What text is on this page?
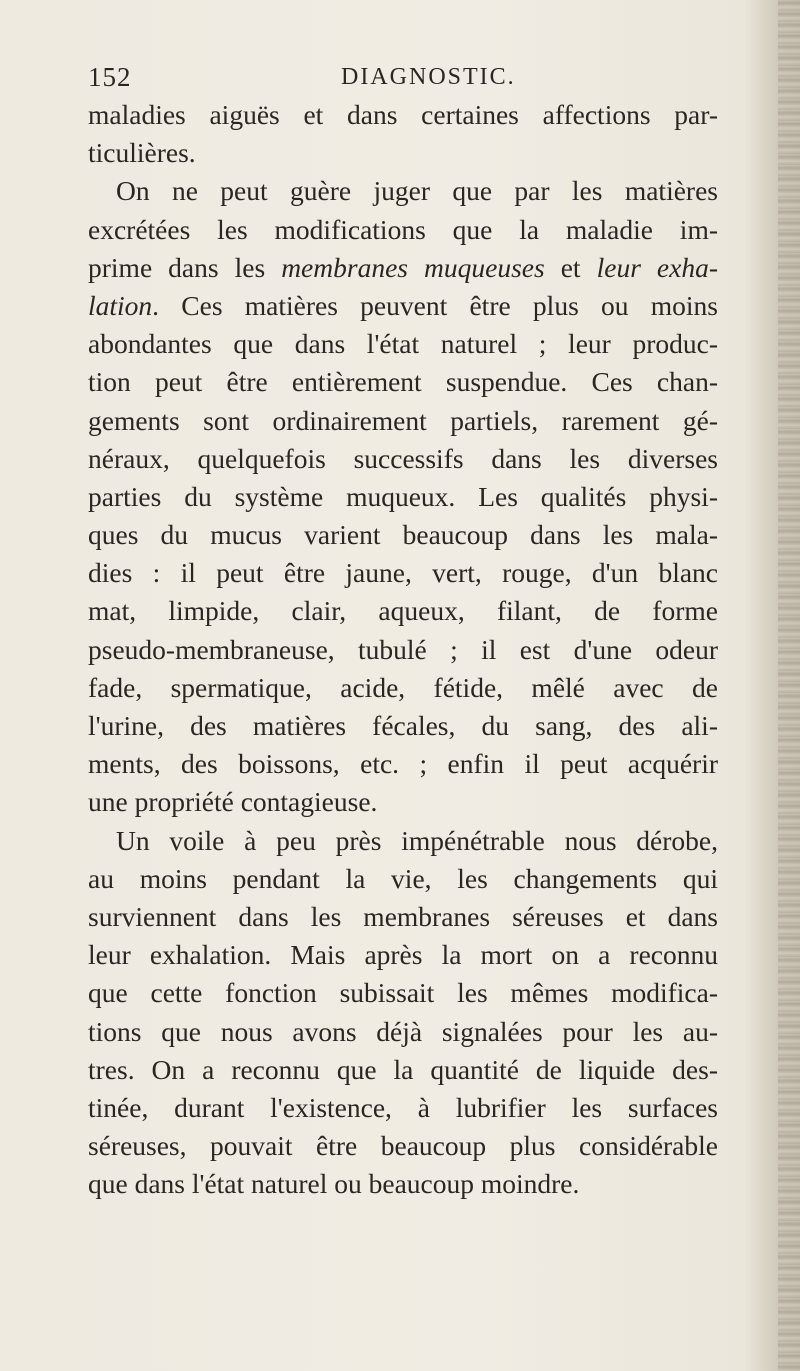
152	DIAGNOSTIC.
maladies aiguës et dans certaines affections par-
ticulières.
On ne peut guère juger que par les matières
excrétées les modifications que la maladie im-
prime dans les membranes muqueuses et leur exha-
lation. Ces matières peuvent être plus ou moins
abondantes que dans l'état naturel ; leur produc-
tion peut être entièrement suspendue. Ces chan-
gements sont ordinairement partiels, rarement gé-
néraux, quelquefois successifs dans les diverses
parties du système muqueux. Les qualités physi-
ques du mucus varient beaucoup dans les mala-
dies : il peut être jaune, vert, rouge, d'un blanc
mat, limpide, clair, aqueux, filant, de forme
pseudo-membraneuse, tubulé ; il est d'une odeur
fade, spermatique, acide, fétide, mêlé avec de
l'urine, des matières fécales, du sang, des ali-
ments, des boissons, etc. ; enfin il peut acquérir
une propriété contagieuse.
Un voile à peu près impénétrable nous dérobe,
au moins pendant la vie, les changements qui
surviennent dans les membranes séreuses et dans
leur exhalation. Mais après la mort on a reconnu
que cette fonction subissait les mêmes modifica-
tions que nous avons déjà signalées pour les au-
tres. On a reconnu que la quantité de liquide des-
tinée, durant l'existence, à lubrifier les surfaces
séreuses, pouvait être beaucoup plus considérable
que dans l'état naturel ou beaucoup moindre.
